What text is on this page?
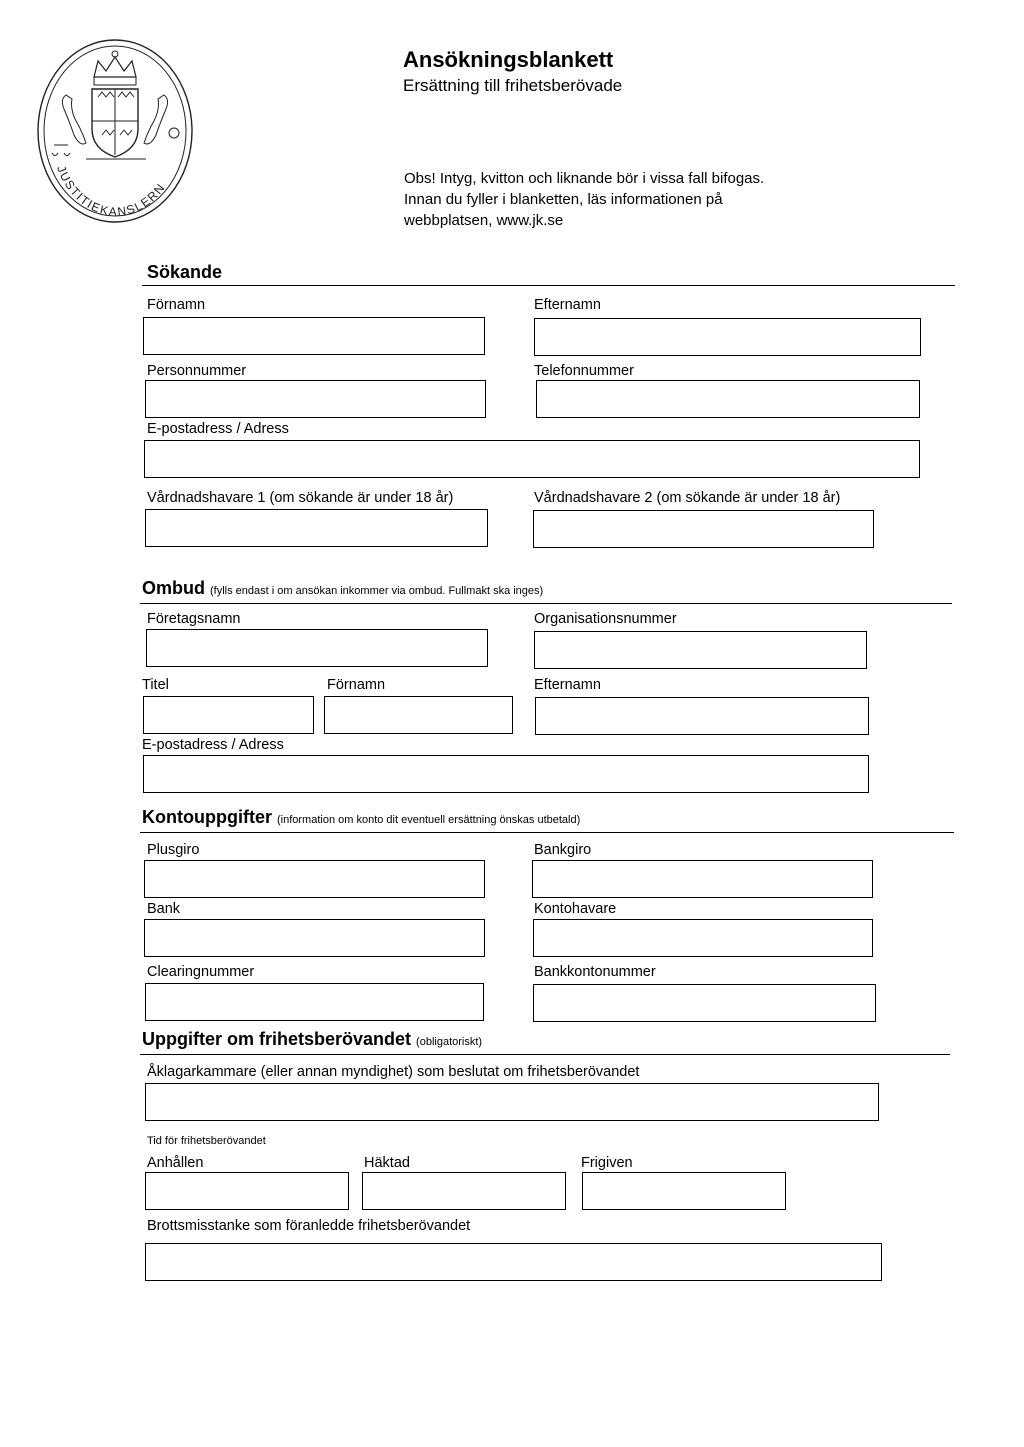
JUSTITIEKANSLERN
Ansökningsblankett
Ersättning till frihetsberövade
Obs! Intyg, kvitton och liknande bör i vissa fall bifogas.
Innan du fyller i blanketten, läs informationen på
webbplatsen, www.jk.se
Sökande
Förnamn	Efternamn
Personnummer	Telefonnummer
E-postadress / Adress
Vårdnadshavare 1 (om sökande är under 18 år)	Vårdnadshavare 2 (om sökande är under 18 år)
Ombud (fylls endast i om ansökan inkommer via ombud. Fullmakt ska inges)
Företagsnamn	Organisationsnummer
Titel	Förnamn	Efternamn
E-postadress / Adress
Kontouppgifter (information om konto dit eventuell ersättning önskas utbetald)
Plusgiro	Bankgiro
Bank	Kontohavare
Clearingnummer	Bankkontonummer
Uppgifter om frihetsberövandet (obligatoriskt)
Åklagarkammare (eller annan myndighet) som beslutat om frihetsberövandet
Tid för frihetsberövandet
Anhållen	Häktad	Frigiven
Brottsmisstanke som föranledde frihetsberövandet
